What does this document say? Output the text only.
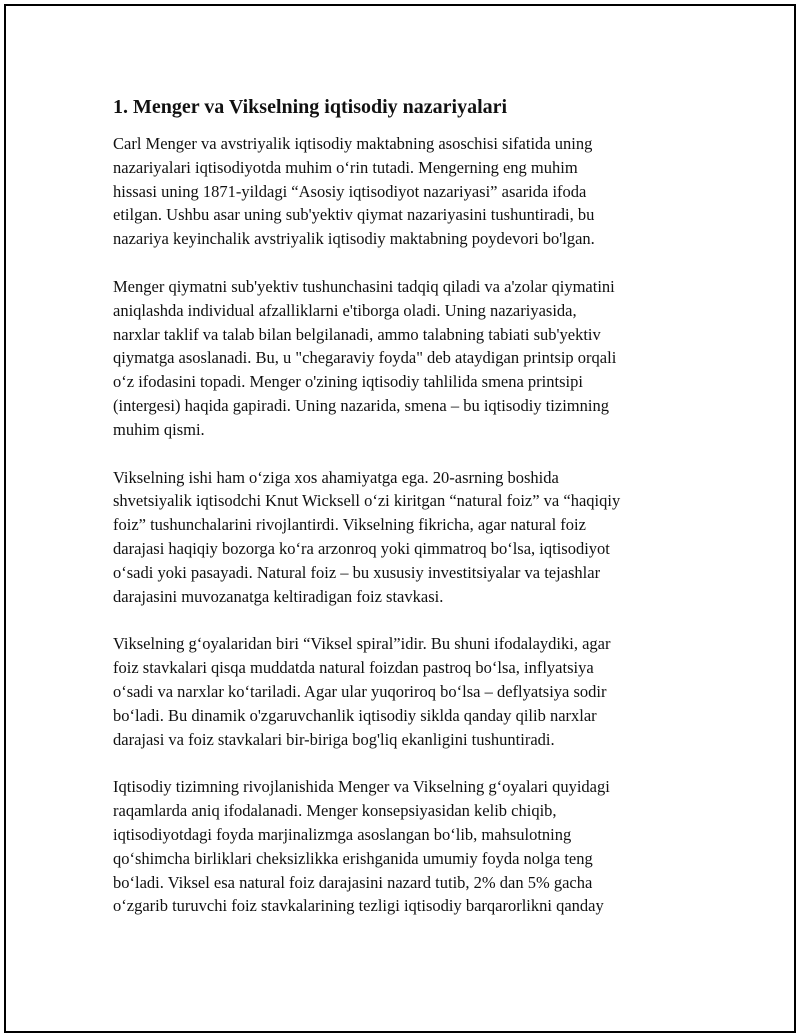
1. Menger va Vikselning iqtisodiy nazariyalari

Carl Menger va avstriyalik iqtisodiy maktabning asoschisi sifatida uning
nazariyalari iqtisodiyotda muhim o‘rin tutadi. Mengerning eng muhim
hissasi uning 1871-yildagi “Asosiy iqtisodiyot nazariyasi” asarida ifoda
etilgan. Ushbu asar uning sub'yektiv qiymat nazariyasini tushuntiradi, bu
nazariya keyinchalik avstriyalik iqtisodiy maktabning poydevori bo'lgan.

Menger qiymatni sub'yektiv tushunchasini tadqiq qiladi va a'zolar qiymatini
aniqlashda individual afzalliklarni e'tiborga oladi. Uning nazariyasida,
narxlar taklif va talab bilan belgilanadi, ammo talabning tabiati sub'yektiv
qiymatga asoslanadi. Bu, u "chegaraviy foyda" deb ataydigan printsip orqali
o‘z ifodasini topadi. Menger o'zining iqtisodiy tahlilida smena printsipi
(intergesi) haqida gapiradi. Uning nazarida, smena – bu iqtisodiy tizimning
muhim qismi.

Vikselning ishi ham o‘ziga xos ahamiyatga ega. 20-asrning boshida
shvetsiyalik iqtisodchi Knut Wicksell o‘zi kiritgan “natural foiz” va “haqiqiy
foiz” tushunchalarini rivojlantirdi. Vikselning fikricha, agar natural foiz
darajasi haqiqiy bozorga ko‘ra arzonroq yoki qimmatroq bo‘lsa, iqtisodiyot
o‘sadi yoki pasayadi. Natural foiz – bu xususiy investitsiyalar va tejashlar
darajasini muvozanatga keltiradigan foiz stavkasi.

Vikselning g‘oyalaridan biri “Viksel spiral”idir. Bu shuni ifodalaydiki, agar
foiz stavkalari qisqa muddatda natural foizdan pastroq bo‘lsa, inflyatsiya
o‘sadi va narxlar ko‘tariladi. Agar ular yuqoriroq bo‘lsa – deflyatsiya sodir
bo‘ladi. Bu dinamik o'zgaruvchanlik iqtisodiy siklda qanday qilib narxlar
darajasi va foiz stavkalari bir-biriga bog'liq ekanligini tushuntiradi.

Iqtisodiy tizimning rivojlanishida Menger va Vikselning g‘oyalari quyidagi
raqamlarda aniq ifodalanadi. Menger konsepsiyasidan kelib chiqib,
iqtisodiyotdagi foyda marjinalizmga asoslangan bo‘lib, mahsulotning
qo‘shimcha birliklari cheksizlikka erishganida umumiy foyda nolga teng
bo‘ladi. Viksel esa natural foiz darajasini nazard tutib, 2% dan 5% gacha
o‘zgarib turuvchi foiz stavkalarining tezligi iqtisodiy barqarorlikni qanday
